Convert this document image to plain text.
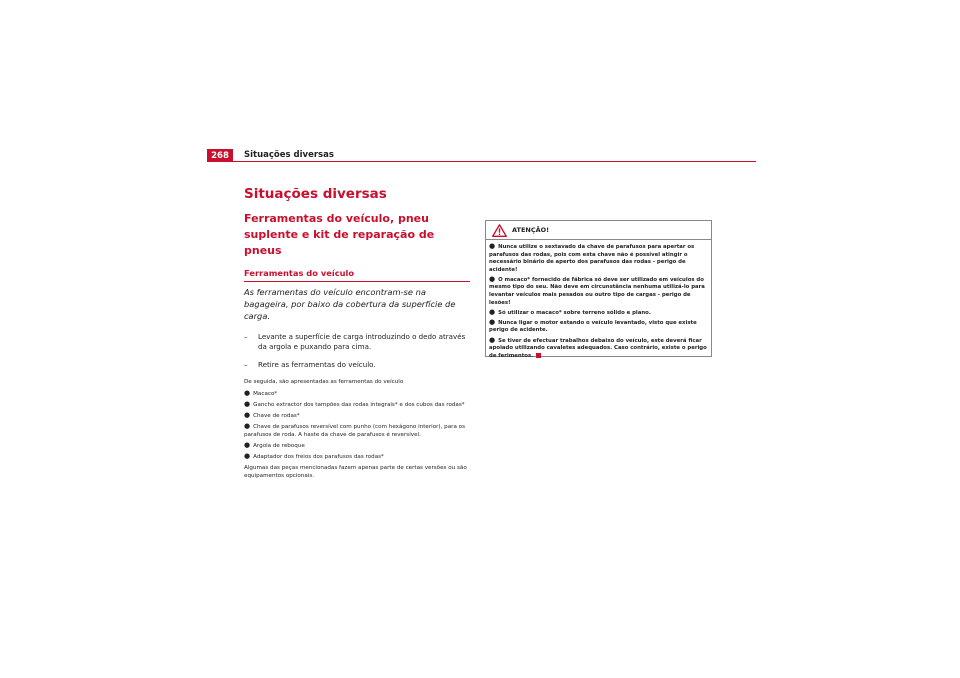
268	Situações diversas
Situações diversas
Ferramentas do veículo, pneu suplente e kit de reparação de pneus
Ferramentas do veículo

As ferramentas do veículo encontram-se na bagageira, por baixo da cobertura da superfície de carga.

– Levante a superfície de carga introduzindo o dedo através da argola e puxando para cima.

– Retire as ferramentas do veículo.

De seguida, são apresentadas as ferramentas do veículo

● Macaco*
● Gancho extractor dos tampões das rodas integrais* e dos cubos das rodas*
● Chave de rodas*
● Chave de parafusos reversível com punho (com hexágono interior), para os parafusos de roda. A haste da chave de parafusos é reversível.
● Argola de reboque
● Adaptador dos freios dos parafusos das rodas*

Algumas das peças mencionadas fazem apenas parte de certas versões ou são equipamentos opcionais.

ATENÇÃO!

● Nunca utilize o sextavado da chave de parafusos para apertar os parafusos das rodas, pois com esta chave não é possível atingir o necessário binário de aperto dos parafusos das rodas - perigo de acidente!

● O macaco* fornecido de fábrica só deve ser utilizado em veículos do mesmo tipo do seu. Não deve em circunstância nenhuma utilizá-lo para levantar veículos mais pesados ou outro tipo de cargas - perigo de lesões!

● Só utilizar o macaco* sobre terreno sólido e plano.

● Nunca ligar o motor estando o veículo levantado, visto que existe perigo de acidente.

● Se tiver de efectuar trabalhos debaixo do veículo, este deverá ficar apoiado utilizando cavaletes adequados. Caso contrário, existe o perigo de ferimentos.
